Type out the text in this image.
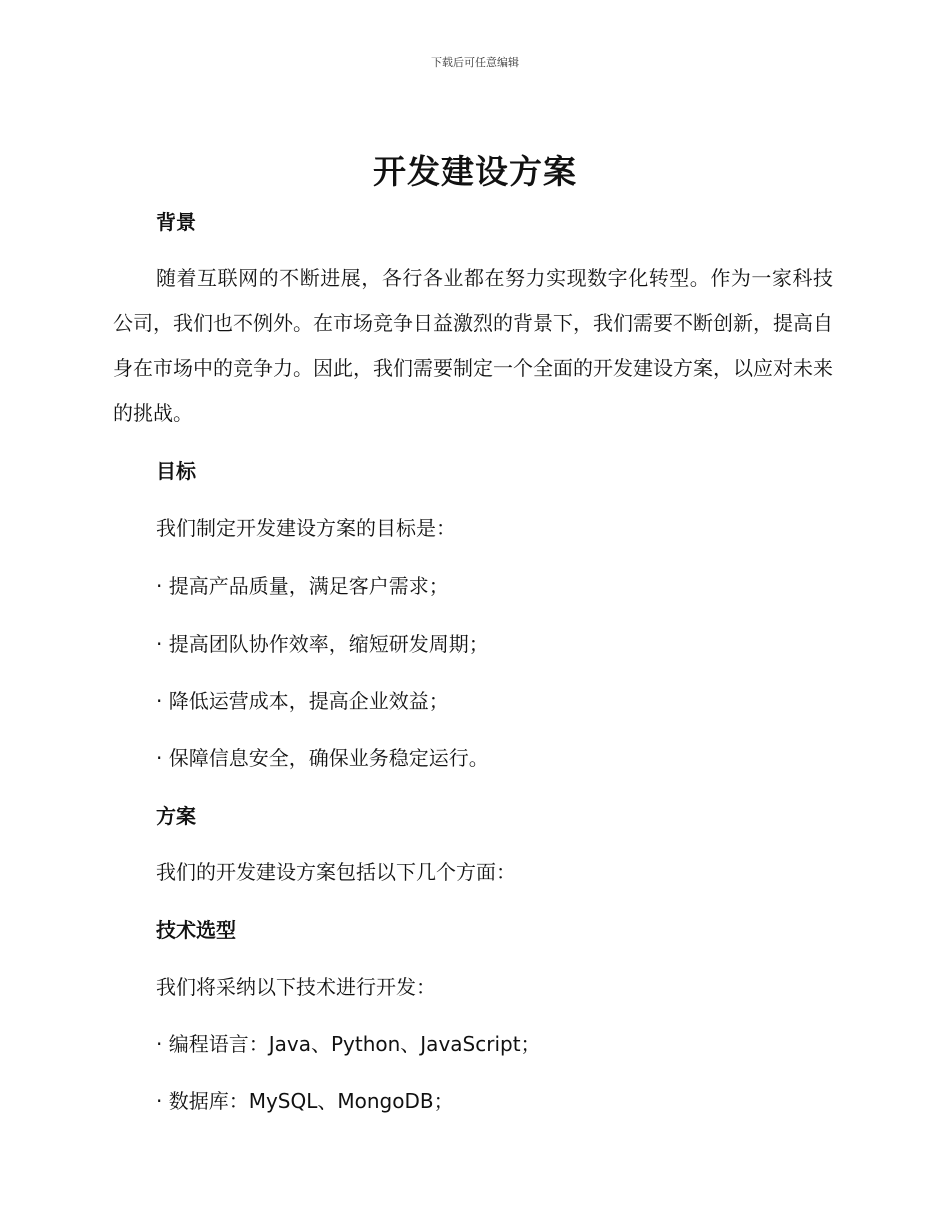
下载后可任意编辑
开发建设方案
背景

随着互联网的不断进展，各行各业都在努力实现数字化转型。作为一家科技公司，我们也不例外。在市场竞争日益激烈的背景下，我们需要不断创新，提高自身在市场中的竞争力。因此，我们需要制定一个全面的开发建设方案，以应对未来的挑战。

目标

我们制定开发建设方案的目标是：

· 提高产品质量，满足客户需求；

· 提高团队协作效率，缩短研发周期；

· 降低运营成本，提高企业效益；

· 保障信息安全，确保业务稳定运行。

方案

我们的开发建设方案包括以下几个方面：

技术选型

我们将采纳以下技术进行开发：

· 编程语言：Java、Python、JavaScript；

· 数据库：MySQL、MongoDB；
